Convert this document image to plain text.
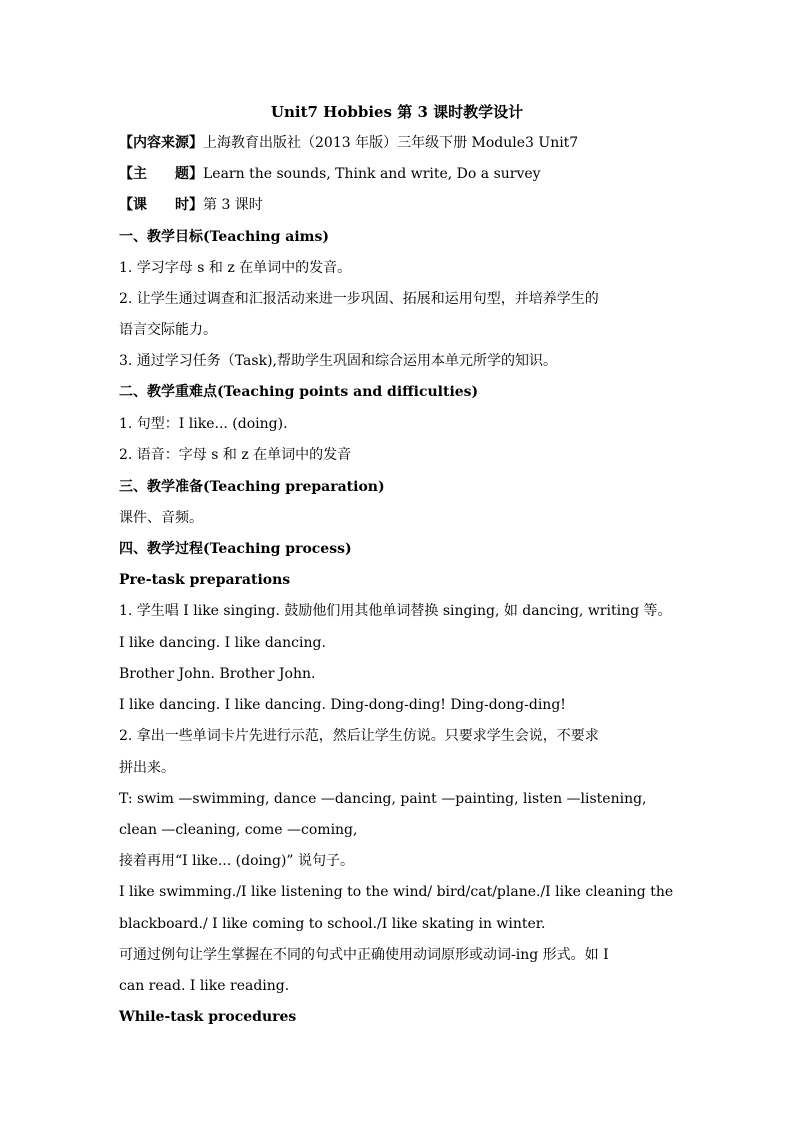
Unit7 Hobbies 第 3 课时教学设计
【内容来源】上海教育出版社（2013 年版）三年级下册 Module3 Unit7
【主　　题】Learn the sounds, Think and write, Do a survey
【课　　时】第 3 课时
一、教学目标(Teaching aims)
1. 学习字母 s 和 z 在单词中的发音。
2. 让学生通过调查和汇报活动来进一步巩固、拓展和运用句型，并培养学生的
语言交际能力。
3. 通过学习任务（Task),帮助学生巩固和综合运用本单元所学的知识。
二、教学重难点(Teaching points and difficulties)
1. 句型：I like... (doing).
2. 语音：字母 s 和 z 在单词中的发音
三、教学准备(Teaching preparation)
课件、音频。
四、教学过程(Teaching process)
Pre-task preparations
1. 学生唱 I like singing. 鼓励他们用其他单词替换 singing, 如 dancing, writing 等。
I like dancing. I like dancing.
Brother John. Brother John.
I like dancing. I like dancing. Ding-dong-ding! Ding-dong-ding!
2. 拿出一些单词卡片先进行示范，然后让学生仿说。只要求学生会说，不要求
拼出来。
T: swim —swimming, dance —dancing, paint —painting, listen —listening,
clean —cleaning, come —coming,
接着再用“I like... (doing)” 说句子。
I like swimming./I like listening to the wind/ bird/cat/plane./I like cleaning the
blackboard./ I like coming to school./I like skating in winter.
可通过例句让学生掌握在不同的句式中正确使用动词原形或动词-ing 形式。如 I
can read. I like reading.
While-task procedures
